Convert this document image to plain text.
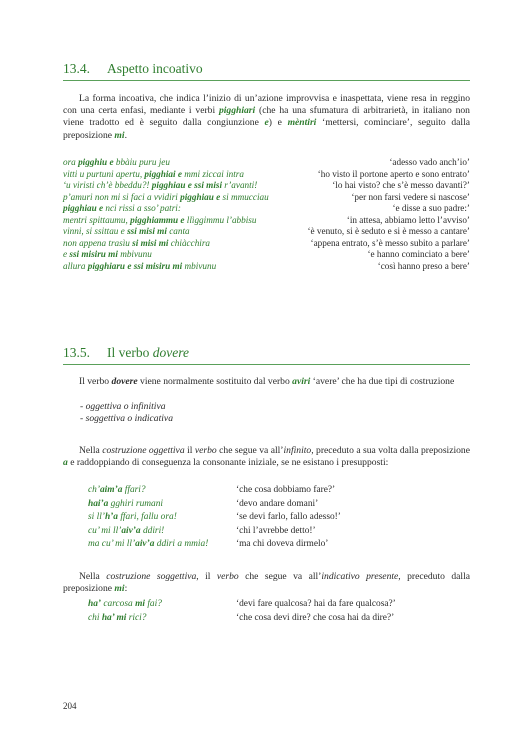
13.4. Aspetto incoativo
La forma incoativa, che indica l’inizio di un’azione improvvisa e inaspettata, viene resa in reggino con una certa enfasi, mediante i verbi pigghiari (che ha una sfumatura di arbitrarietà, in italiano non viene tradotto ed è seguito dalla congiunzione e) e mèntiri ‘mettersi, cominciare’, seguito dalla preposizione mi.
ora pigghiu e bbàiu puru jeu	‘adesso vado anch’io’
vitti u purtuni apertu, pigghiai e mmi ziccai intra	‘ho visto il portone aperto e sono entrato’
‘u viristi ch’è bbeddu?! pigghiau e ssi misi r’avanti!	‘lo hai visto? che s’è messo davanti?’
p’amuri non mi si faci a vvidiri pigghiau e si mmucciau	‘per non farsi vedere si nascose’
pigghiau e nci rissi a sso’ patri:	‘e disse a suo padre:’
mentri spittaumu, pigghiammu e llìggimmu l’abbisu	‘in attesa, abbiamo letto l’avviso’
vinni, si ssittau e ssi misi mi canta	‘è venuto, si è seduto e si è messo a cantare’
non appena trasìu si misi mi chiàcchira	‘appena entrato, s’è messo subito a parlare’
e ssi misiru mi mbivunu	‘e hanno cominciato a bere’
allura pigghiaru e ssi misiru mi mbivunu	‘così hanno preso a bere’
13.5. Il verbo dovere
Il verbo dovere viene normalmente sostituito dal verbo aviri ‘avere’ che ha due tipi di costruzione
- oggettiva o infinitiva
- soggettiva o indicativa
Nella costruzione oggettiva il verbo che segue va all’infinito, preceduto a sua volta dalla preposizione a e raddoppiando di conseguenza la consonante iniziale, se ne esistano i presupposti:
ch’aim’a ffari?	‘che cosa dobbiamo fare?’
hai’a gghiri rumani	‘devo andare domani’
si ll’h’a ffari, fallu ora!	‘se devi farlo, fallo adesso!’
cu’ mi ll’aiv’a ddiri!	‘chi l’avrebbe detto!’
ma cu’ mi ll’aiv’a ddiri a mmia!	‘ma chi doveva dirmelo’
Nella costruzione soggettiva, il verbo che segue va all’indicativo presente, preceduto dalla preposizione mi:
ha’ carcosa mi fai?	‘devi fare qualcosa? hai da fare qualcosa?’
chi ha’ mi rici?	‘che cosa devi dire? che cosa hai da dire?’
204
